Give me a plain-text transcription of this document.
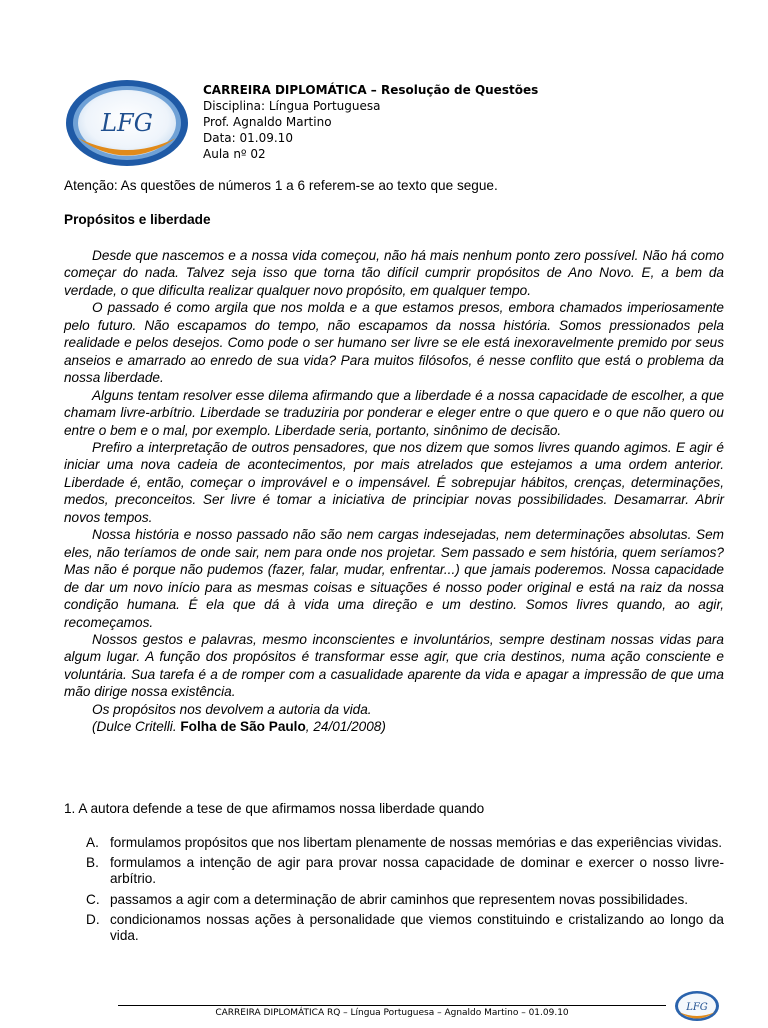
LFG
CARREIRA DIPLOMÁTICA – Resolução de Questões
Disciplina: Língua Portuguesa
Prof. Agnaldo Martino
Data: 01.09.10
Aula nº 02
Atenção: As questões de números 1 a 6 referem-se ao texto que segue.
Propósitos e liberdade

Desde que nascemos e a nossa vida começou, não há mais nenhum ponto zero possível. Não há como começar do nada. Talvez seja isso que torna tão difícil cumprir propósitos de Ano Novo. E, a bem da verdade, o que dificulta realizar qualquer novo propósito, em qualquer tempo.

O passado é como argila que nos molda e a que estamos presos, embora chamados imperiosamente pelo futuro. Não escapamos do tempo, não escapamos da nossa história. Somos pressionados pela realidade e pelos desejos. Como pode o ser humano ser livre se ele está inexoravelmente premido por seus anseios e amarrado ao enredo de sua vida? Para muitos filósofos, é nesse conflito que está o problema da nossa liberdade.

Alguns tentam resolver esse dilema afirmando que a liberdade é a nossa capacidade de escolher, a que chamam livre-arbítrio. Liberdade se traduziria por ponderar e eleger entre o que quero e o que não quero ou entre o bem e o mal, por exemplo. Liberdade seria, portanto, sinônimo de decisão.

Prefiro a interpretação de outros pensadores, que nos dizem que somos livres quando agimos. E agir é iniciar uma nova cadeia de acontecimentos, por mais atrelados que estejamos a uma ordem anterior. Liberdade é, então, começar o improvável e o impensável. É sobrepujar hábitos, crenças, determinações, medos, preconceitos. Ser livre é tomar a iniciativa de principiar novas possibilidades. Desamarrar. Abrir novos tempos.

Nossa história e nosso passado não são nem cargas indesejadas, nem determinações absolutas. Sem eles, não teríamos de onde sair, nem para onde nos projetar. Sem passado e sem história, quem seríamos? Mas não é porque não pudemos (fazer, falar, mudar, enfrentar...) que jamais poderemos. Nossa capacidade de dar um novo início para as mesmas coisas e situações é nosso poder original e está na raiz da nossa condição humana. É ela que dá à vida uma direção e um destino. Somos livres quando, ao agir, recomeçamos.

Nossos gestos e palavras, mesmo inconscientes e involuntários, sempre destinam nossas vidas para algum lugar. A função dos propósitos é transformar esse agir, que cria destinos, numa ação consciente e voluntária. Sua tarefa é a de romper com a casualidade aparente da vida e apagar a impressão de que uma mão dirige nossa existência.

Os propósitos nos devolvem a autoria da vida.

(Dulce Critelli. Folha de São Paulo, 24/01/2008)

1. A autora defende a tese de que afirmamos nossa liberdade quando
A. formulamos propósitos que nos libertam plenamente de nossas memórias e das experiências vividas.
B. formulamos a intenção de agir para provar nossa capacidade de dominar e exercer o nosso livre-arbítrio.
C. passamos a agir com a determinação de abrir caminhos que representem novas possibilidades.
D. condicionamos nossas ações à personalidade que viemos constituindo e cristalizando ao longo da vida.
CARREIRA DIPLOMÁTICA RQ – Língua Portuguesa – Agnaldo Martino – 01.09.10	LFG
